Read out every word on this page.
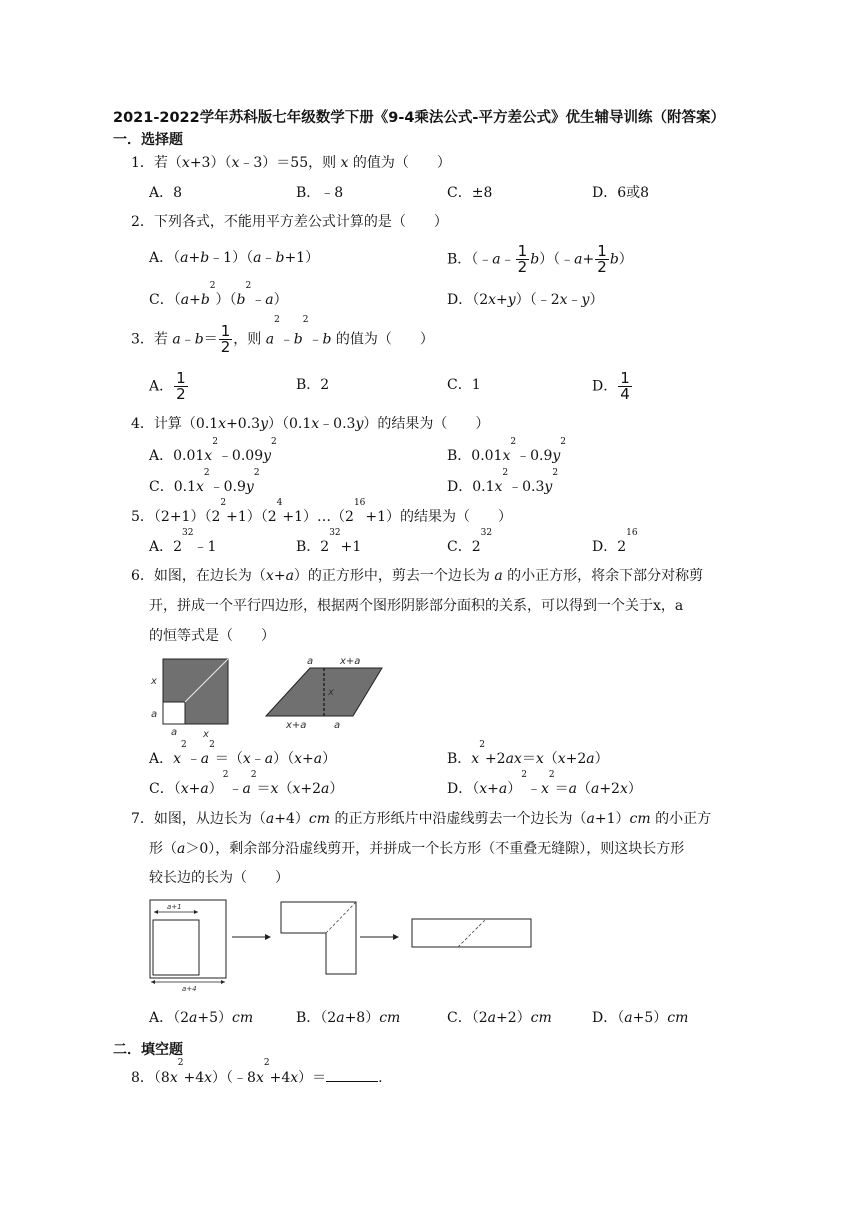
2021-2022学年苏科版七年级数学下册《9-4乘法公式-平方差公式》优生辅导训练（附答案）
一．选择题
1．若（x+3）（x﹣3）＝55，则 x 的值为（　　）
A．8	B．﹣8	C．±8	D．6或8
2．下列各式，不能用平方差公式计算的是（　　）
A．（a+b﹣1）（a﹣b+1）	B．（﹣a﹣ $\frac{1}{2}$ b）（﹣a+ $\frac{1}{2} b$）
C．$(a+b^2)(b^2﹣a)$	D．（2x+y）（﹣2x﹣y）
3．若 a﹣b＝ $\frac{1}{2}$ ，则 $a^2﹣b^2﹣b$ 的值为（　　）
A． $\frac{1}{2}$	B．2	C．1	D． $\frac{1}{4}$
4．计算（0.1x+0.3y）（0.1x﹣0.3y）的结果为（　　）
A．$0.01x^2﹣0.09y^2$
B．$0.01x^2﹣0.9y^2$
C．$0.1x^2﹣0.9y^2$
D．$0.1x^2﹣0.3y^2$
5．$(2+1)(2^2+1)(2^4+1)\dots(2^{16}+1)$的结果为（　　）
A．$2^{32}﹣1$	B．$2^{32}+1$	C．$2^{32}$
D．$2^{16}$
6．如图，在边长为（x+a）的正方形中，剪去一个边长为 a 的小正方形，将余下部分对称剪
开，拼成一个平行四边形，根据两个图形阴影部分面积的关系，可以得到一个关于x，a
的恒等式是（　　）
x
a
a	x
a	x+a
x
x+a	a
A．$x^2﹣a^2=(x﹣a)(x+a)$	B．$x^2+2ax=x(x+2a)$
C．$(x+a)^2﹣a^2=x(x+2a)$	D．$(x+a)^2﹣x^2=a(a+2x)$
7．如图，从边长为（a+4）cm 的正方形纸片中沿虚线剪去一个边长为（a+1）cm 的小正方
形（a＞0），剩余部分沿虚线剪开，并拼成一个长方形（不重叠无缝隙），则这块长方形
较长边的长为（　　）
a+1
a+4
A．（2a+5）cm	B．（2a+8）cm	C．（2a+2）cm	D．（a+5）cm
二．填空题
8．$(8x^2+4x)(﹣8x^2+4x)=$	.
